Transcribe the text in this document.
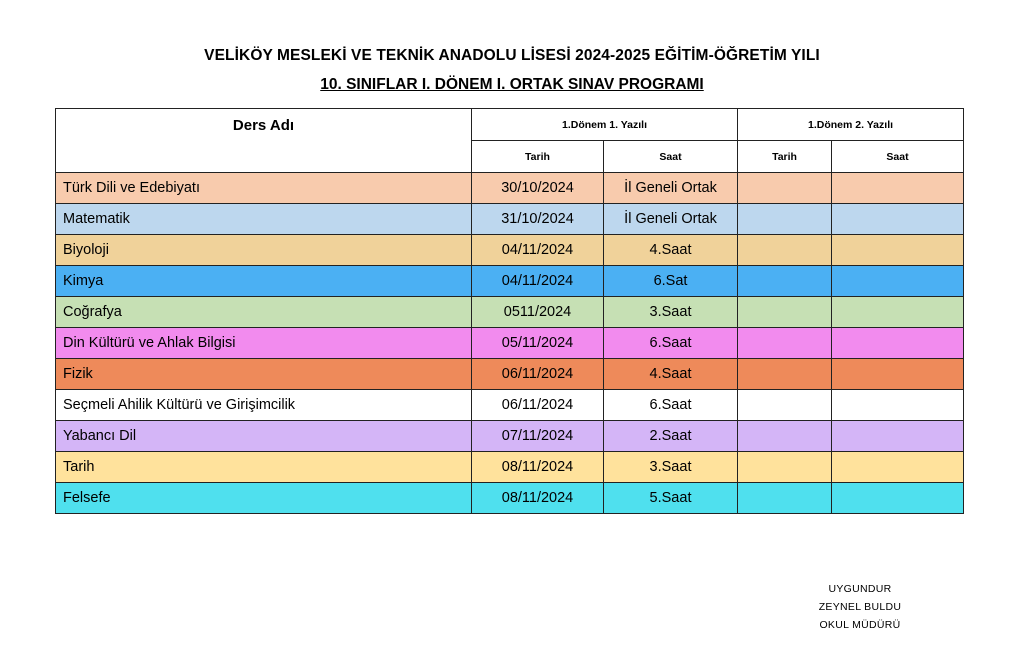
VELİKÖY MESLEKİ VE TEKNİK ANADOLU LİSESİ 2024-2025 EĞİTİM-ÖĞRETİM YILI
10. SINIFLAR I. DÖNEM I. ORTAK SINAV PROGRAMI
Ders Adı	1.Dönem 1. Yazılı		1.Dönem 2. Yazılı	
	Tarih	Saat	Tarih	Saat
Türk Dili ve Edebiyatı	30/10/2024	İl Geneli Ortak		
Matematik	31/10/2024	İl Geneli Ortak		
Biyoloji	04/11/2024	4.Saat		
Kimya	04/11/2024	6.Sat		
Coğrafya	0511/2024	3.Saat		
Din Kültürü ve Ahlak Bilgisi	05/11/2024	6.Saat		
Fizik	06/11/2024	4.Saat		
Seçmeli Ahilik Kültürü ve Girişimcilik	06/11/2024	6.Saat		
Yabancı Dil	07/11/2024	2.Saat		
Tarih	08/11/2024	3.Saat		
Felsefe	08/11/2024	5.Saat		
UYGUNDUR
ZEYNEL BULDU
OKUL MÜDÜRÜ
